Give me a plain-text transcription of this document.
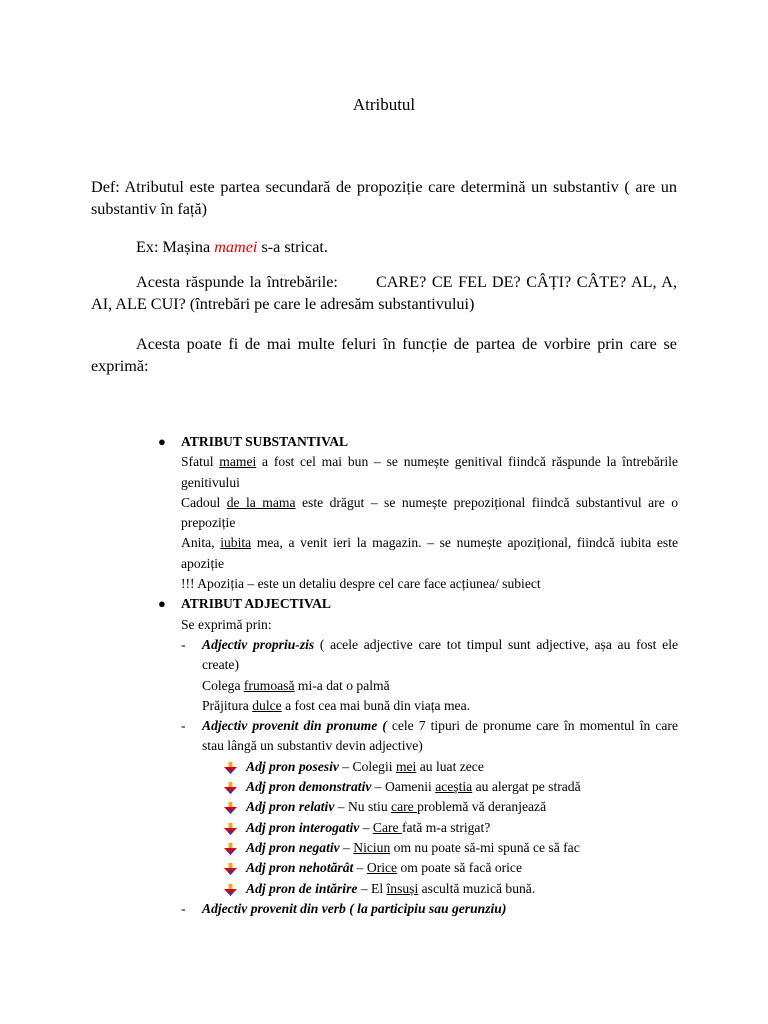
Atributul
Def: Atributul este partea secundară de propoziție care determină un substantiv ( are un substantiv în față)
Ex: Mașina mamei s-a stricat.
Acesta răspunde la întrebările: CARE? CE FEL DE? CÂȚI? CÂTE? AL, A, AI, ALE CUI? (întrebări pe care le adresăm substantivului)
Acesta poate fi de mai multe feluri în funcție de partea de vorbire prin care se exprimă:
● ATRIBUT SUBSTANTIVAL
Sfatul mamei a fost cel mai bun – se numește genitival fiindcă răspunde la întrebările genitivului
Cadoul de la mama este drăgut – se numește prepozițional fiindcă substantivul are o prepoziție
Anita, iubita mea, a venit ieri la magazin. – se numește apozițional, fiindcă iubita este apoziție
!!! Apoziția – este un detaliu despre cel care face acțiunea/ subiect
● ATRIBUT ADJECTIVAL
Se exprimă prin:
- Adjectiv propriu-zis ( acele adjective care tot timpul sunt adjective, așa au fost ele create)
Colega frumoasă mi-a dat o palmă
Prăjitura dulce a fost cea mai bună din viața mea.
- Adjectiv provenit din pronume ( cele 7 tipuri de pronume care în momentul în care stau lângă un substantiv devin adjective)
Adj pron posesiv – Colegii mei au luat zece
Adj pron demonstrativ – Oamenii aceștia au alergat pe stradă
Adj pron relativ – Nu stiu care problemă vă deranjează
Adj pron interogativ – Care fată m-a strigat?
Adj pron negativ – Niciun om nu poate să-mi spună ce să fac
Adj pron nehotărât – Orice om poate să facă orice
Adj pron de intărire – El însuși ascultă muzică bună.
- Adjectiv provenit din verb ( la participiu sau gerunziu)
